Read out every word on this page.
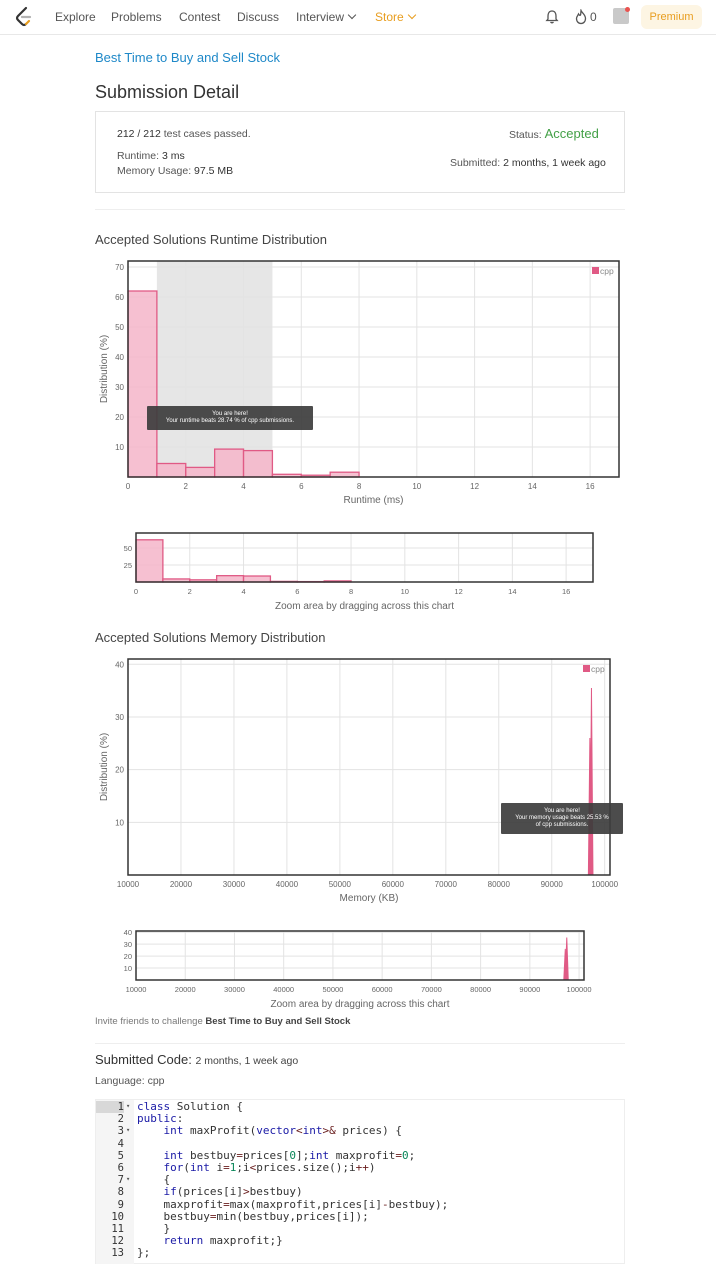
Explore Problems Contest Discuss Interview	Store	0	Premium
Best Time to Buy and Sell Stock
Submission Detail
212 / 212 test cases passed.
Runtime: 3 ms
Memory Usage: 97.5 MB
Status: Accepted
Submitted: 2 months, 1 week ago
Accepted Solutions Runtime Distribution
10
20
30
40
50
60
70
0	2	4	6	8	10	12	14	16
Runtime (ms)
Distribution (%)
cpp
You are here!
Your runtime beats 28.74 % of cpp submissions.
25
50
0	2	4	6	8	10	12	14	16
Zoom area by dragging across this chart
Accepted Solutions Memory Distribution
10
20
30
40
10000	20000	30000	40000	50000	60000	70000	80000	90000	100000
Memory (KB)
Distribution (%)
cpp
You are here!
Your memory usage beats 25.53 %
of cpp submissions.
10
20
30
40
10000	20000	30000	40000	50000	60000	70000	80000	90000	100000
Zoom area by dragging across this chart
Invite friends to challenge Best Time to Buy and Sell Stock
Submitted Code: 2 months, 1 week ago
Language: cpp
1 ▾ class Solution {
2 public:
3 ▾	int maxProfit(vector<int>& prices) {
4
5	int bestbuy=prices[0];int maxprofit=0;
6	for(int i=1;i<prices.size();i++)
7 ▾ {
8	if(prices[i]>bestbuy)
9 maxprofit=max(maxprofit,prices[i]-bestbuy);
10 bestbuy=min(bestbuy,prices[i]);
11 }
12	return maxprofit;}
13 };
